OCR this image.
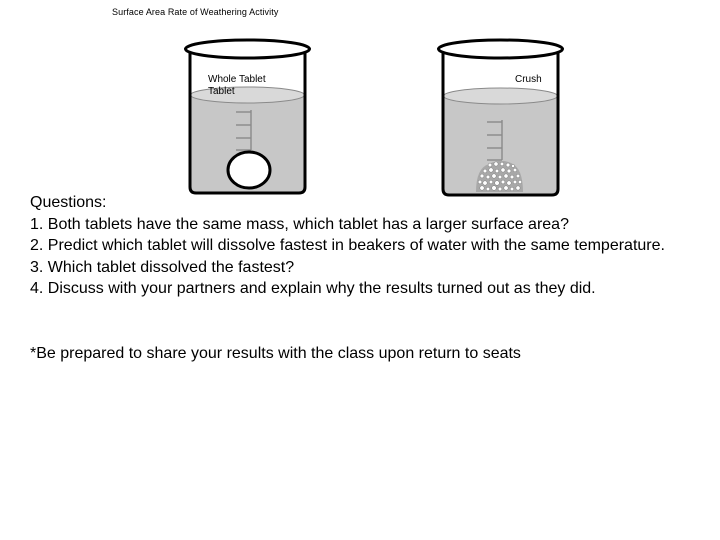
Surface Area Rate of Weathering Activity
Whole Tablet
Tablet
Crush
Questions:
1. Both tablets have the same mass, which tablet has a larger surface area?
2. Predict which tablet will dissolve fastest in beakers of water with the same temperature.
3. Which tablet dissolved the fastest?
4. Discuss with your partners and explain why the results turned out as they did.
*Be prepared to share your results with the class upon return to seats
